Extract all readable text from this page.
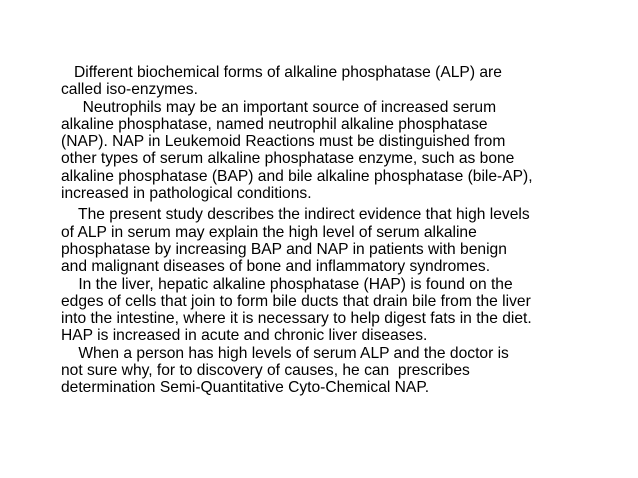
Different biochemical forms of alkaline phosphatase (ALP) are
called iso-enzymes.
Neutrophils may be an important source of increased serum
alkaline phosphatase, named neutrophil alkaline phosphatase
(NAP). NAP in Leukemoid Reactions must be distinguished from
other types of serum alkaline phosphatase enzyme, such as bone
alkaline phosphatase (BAP) and bile alkaline phosphatase (bile-AP),
increased in pathological conditions.
The present study describes the indirect evidence that high levels
of ALP in serum may explain the high level of serum alkaline
phosphatase by increasing BAP and NAP in patients with benign
and malignant diseases of bone and inflammatory syndromes.
In the liver, hepatic alkaline phosphatase (HAP) is found on the
edges of cells that join to form bile ducts that drain bile from the liver
into the intestine, where it is necessary to help digest fats in the diet.
HAP is increased in acute and chronic liver diseases.
When a person has high levels of serum ALP and the doctor is
not sure why, for to discovery of causes, he can  prescribes
determination Semi-Quantitative Cyto-Chemical NAP.
